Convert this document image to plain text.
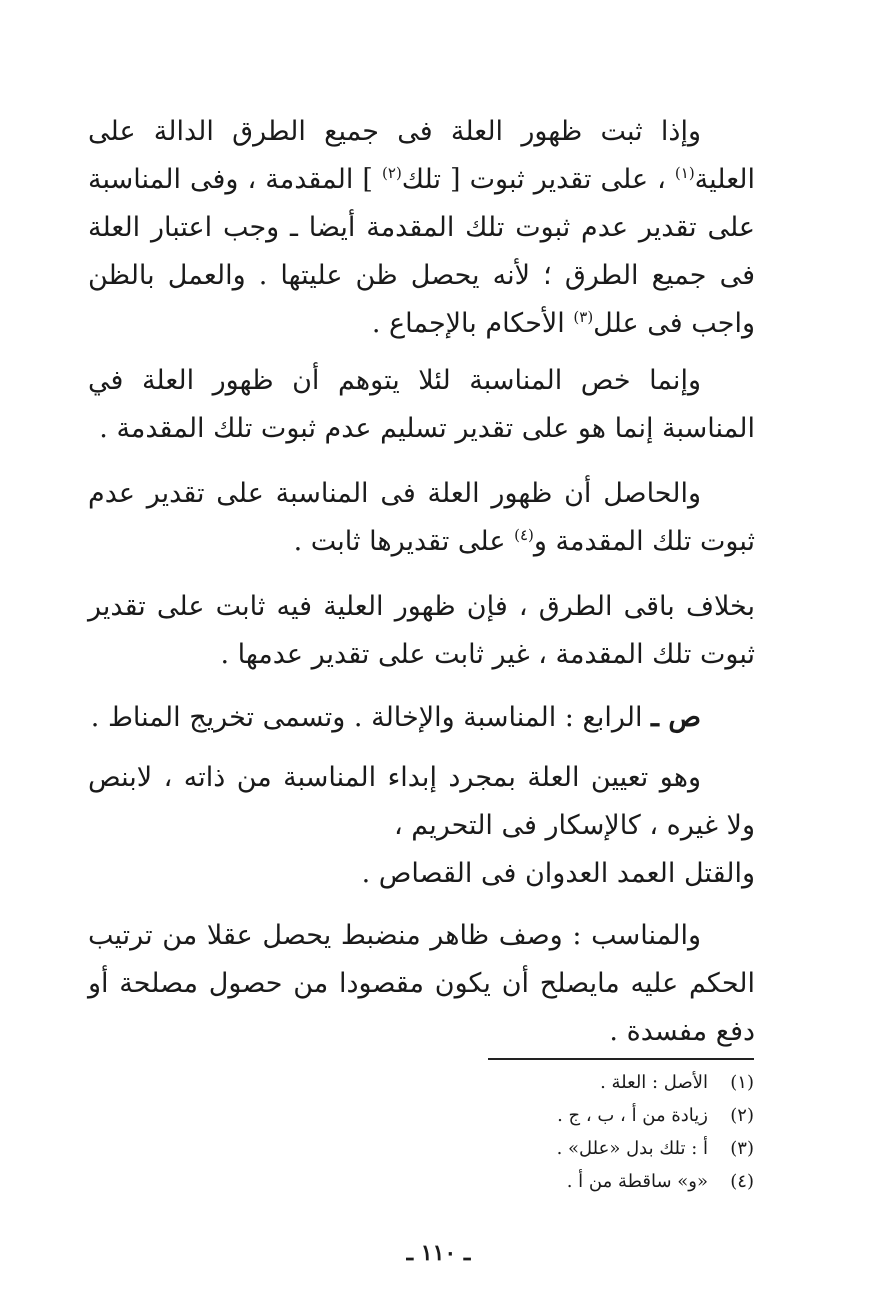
وإذا ثبت ظهور العلة فى جميع الطرق الدالة على العلية$^{(١)}$ ، على تقدير ثبوت [ تلك$^{(٢)}$ ] المقدمة ، وفى المناسبة على تقدير عدم ثبوت تلك المقدمة أيضا ـ وجب اعتبار العلة فى جميع الطرق ؛ لأنه يحصل ظن عليتها . والعمل بالظن واجب فى علل$^{(٣)}$ الأحكام بالإجماع .
وإنما خص المناسبة لئلا يتوهم أن ظهور العلة في المناسبة إنما هو على تقدير تسليم عدم ثبوت تلك المقدمة .
والحاصل أن ظهور العلة فى المناسبة على تقدير عدم ثبوت تلك المقدمة و$^{(٤)}$ على تقديرها ثابت .
بخلاف باقى الطرق ، فإن ظهور العلية فيه ثابت على تقدير ثبوت تلك المقدمة ، غير ثابت على تقدير عدمها .
ص ـ الرابع : المناسبة والإخالة . وتسمى تخريج المناط .
وهو تعيين العلة بمجرد إبداء المناسبة من ذاته ، لابنص ولا غيره ، كالإسكار فى التحريم ،
والقتل العمد العدوان فى القصاص .
والمناسب : وصف ظاهر منضبط يحصل عقلا من ترتيب الحكم عليه مايصلح أن يكون مقصودا من حصول مصلحة أو دفع مفسدة .
(١)
الأصل : العلة .
(٢)
زيادة من أ ، ب ، ج .
(٣)
أ : تلك بدل «علل» .
(٤)
«و» ساقطة من أ .
ـ ١١٠ ـ
